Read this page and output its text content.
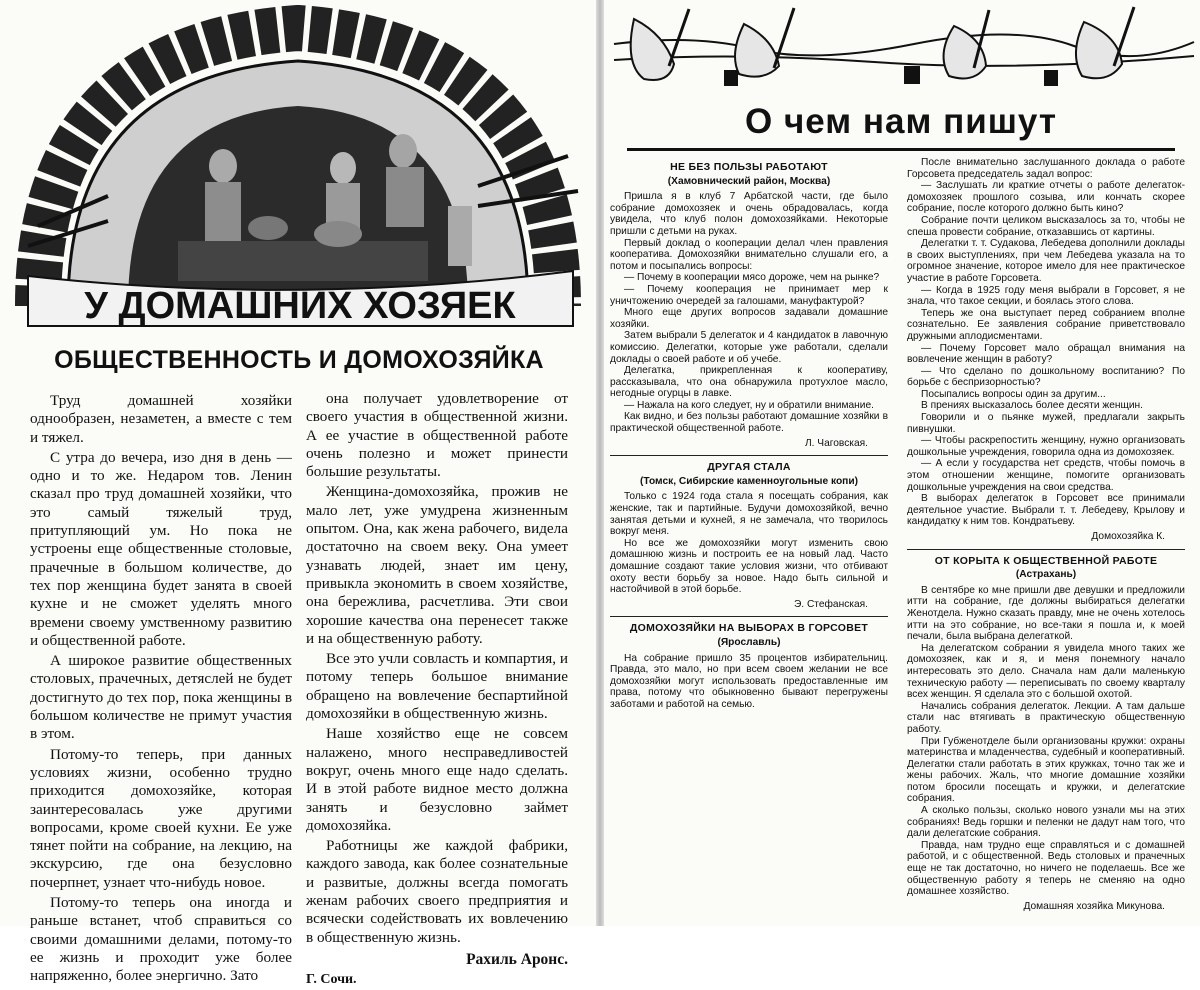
У ДОМАШНИХ ХОЗЯЕК
ОБЩЕСТВЕННОСТЬ И ДОМОХОЗЯЙКА

Труд домашней хозяйки однообразен, незаметен, а вместе с тем и тяжел.

С утра до вечера, изо дня в день — одно и то же. Недаром тов. Ленин сказал про труд домашней хозяйки, что это самый тяжелый труд, притупляющий ум. Но пока не устроены еще общественные столовые, прачечные в большом количестве, до тех пор женщина будет занята в своей кухне и не сможет уделять много времени своему умственному развитию и общественной работе.

А широкое развитие общественных столовых, прачечных, детяслей не будет достигнуто до тех пор, пока женщины в большом количестве не примут участия в этом.

Потому-то теперь, при данных условиях жизни, особенно трудно приходится домохозяйке, которая заинтересовалась уже другими вопросами, кроме своей кухни. Ее уже тянет пойти на собрание, на лекцию, на экскурсию, где она безусловно почерпнет, узнает что-нибудь новое.

Потому-то теперь она иногда и раньше встанет, чтоб справиться со своими домашними делами, потому-то ее жизнь и проходит уже более напряженно, более энергично. Зато

она получает удовлетворение от своего участия в общественной жизни. А ее участие в общественной работе очень полезно и может принести большие результаты.

Женщина-домохозяйка, прожив не мало лет, уже умудрена жизненным опытом. Она, как жена рабочего, видела достаточно на своем веку. Она умеет узнавать людей, знает им цену, привыкла экономить в своем хозяйстве, она бережлива, расчетлива. Эти свои хорошие качества она перенесет также и на общественную работу.

Все это учли совласть и компартия, и потому теперь большое внимание обращено на вовлечение беспартийной домохозяйки в общественную жизнь.

Наше хозяйство еще не совсем налажено, много несправедливостей вокруг, очень много еще надо сделать. И в этой работе видное место должна занять и безусловно займет домохозяйка.

Работницы же каждой фабрики, каждого завода, как более сознательные и развитые, должны всегда помогать женам рабочих своего предприятия и всячески содействовать их вовлечению в общественную жизнь.

Рахиль Аронс.
Г. Сочи.
О чем нам пишут
НЕ БЕЗ ПОЛЬЗЫ РАБОТАЮТ
(Хамовнический район, Москва)

Пришла я в клуб 7 Арбатской части, где было собрание домохозяек и очень обрадовалась, когда увидела, что клуб полон домохозяйками. Некоторые пришли с детьми на руках.

Первый доклад о кооперации делал член правления кооператива. Домохозяйки внимательно слушали его, а потом и посыпались вопросы:

— Почему в кооперации мясо дороже, чем на рынке?

— Почему кооперация не принимает мер к уничтожению очередей за галошами, мануфактурой?

Много еще других вопросов задавали домашние хозяйки.

Затем выбрали 5 делегаток и 4 кандидаток в лавочную комиссию. Делегатки, которые уже работали, сделали доклады о своей работе и об учебе.

Делегатка, прикрепленная к кооперативу, рассказывала, что она обнаружила протухлое масло, негодные огурцы в лавке.

— Нажала на кого следует, ну и обратили внимание.

Как видно, и без пользы работают домашние хозяйки в практической общественной работе.

Л. Чаговская.
ДРУГАЯ СТАЛА
(Томск, Сибирские каменноугольные копи)

Только с 1924 года стала я посещать собрания, как женские, так и партийные. Будучи домохозяйкой, вечно занятая детьми и кухней, я не замечала, что творилось вокруг меня.

Но все же домохозяйки могут изменить свою домашнюю жизнь и построить ее на новый лад. Часто домашние создают такие условия жизни, что отбивают охоту вести борьбу за новое. Надо быть сильной и настойчивой в этой борьбе.

Э. Стефанская.
ДОМОХОЗЯЙКИ НА ВЫБОРАХ В ГОРСОВЕТ
(Ярославль)

На собрание пришло 35 процентов избирательниц. Правда, это мало, но при всем своем желании не все домохозяйки могут использовать предоставленные им права, потому что обыкновенно бывают перегружены заботами и работой на семью.

После внимательно заслушанного доклада о работе Горсовета председатель задал вопрос:

— Заслушать ли краткие отчеты о работе делегаток-домохозяек прошлого созыва, или кончать скорее собрание, после которого должно быть кино?

Собрание почти целиком высказалось за то, чтобы не спеша провести собрание, отказавшись от картины.

Делегатки т. т. Судакова, Лебедева дополнили доклады в своих выступлениях, при чем Лебедева указала на то огромное значение, которое имело для нее практическое участие в работе Горсовета.

— Когда в 1925 году меня выбрали в Горсовет, я не знала, что такое секции, и боялась этого слова.

Теперь же она выступает перед собранием вполне сознательно. Ее заявления собрание приветствовало дружными аплодисментами.

— Почему Горсовет мало обращал внимания на вовлечение женщин в работу?

— Что сделано по дошкольному воспитанию? По борьбе с беспризорностью?

Посыпались вопросы один за другим...

В прениях высказалось более десяти женщин.

Говорили и о пьянке мужей, предлагали закрыть пивнушки.

— Чтобы раскрепостить женщину, нужно организовать дошкольные учреждения, говорила одна из домохозяек.

— А если у государства нет средств, чтобы помочь в этом отношении женщине, помогите организовать дошкольные учреждения на свои средства.

В выборах делегаток в Горсовет все принимали деятельное участие. Выбрали т. т. Лебедеву, Крылову и кандидатку к ним тов. Кондратьеву.

Домохозяйка К.
ОТ КОРЫТА К ОБЩЕСТВЕННОЙ РАБОТЕ
(Астрахань)

В сентябре ко мне пришли две девушки и предложили итти на собрание, где должны выбираться делегатки Женотдела. Нужно сказать правду, мне не очень хотелось итти на это собрание, но все-таки я пошла и, к моей печали, была выбрана делегаткой.

На делегатском собрании я увидела много таких же домохозяек, как и я, и меня понемногу начало интересовать это дело. Сначала нам дали маленькую техническую работу — переписывать по своему кварталу всех женщин. Я сделала это с большой охотой.

Начались собрания делегаток. Лекции. А там дальше стали нас втягивать в практическую общественную работу.

При Губженотделе были организованы кружки: охраны материнства и младенчества, судебный и кооперативный. Делегатки стали работать в этих кружках, точно так же и жены рабочих. Жаль, что многие домашние хозяйки потом бросили посещать и кружки, и делегатские собрания.

А сколько пользы, сколько нового узнали мы на этих собраниях! Ведь горшки и пеленки не дадут нам того, что дали делегатские собрания.

Правда, нам трудно еще справляться и с домашней работой, и с общественной. Ведь столовых и прачечных еще не так достаточно, но ничего не поделаешь. Все же общественную работу я теперь не сменяю на одно домашнее хозяйство.

Домашняя хозяйка Микунова.
